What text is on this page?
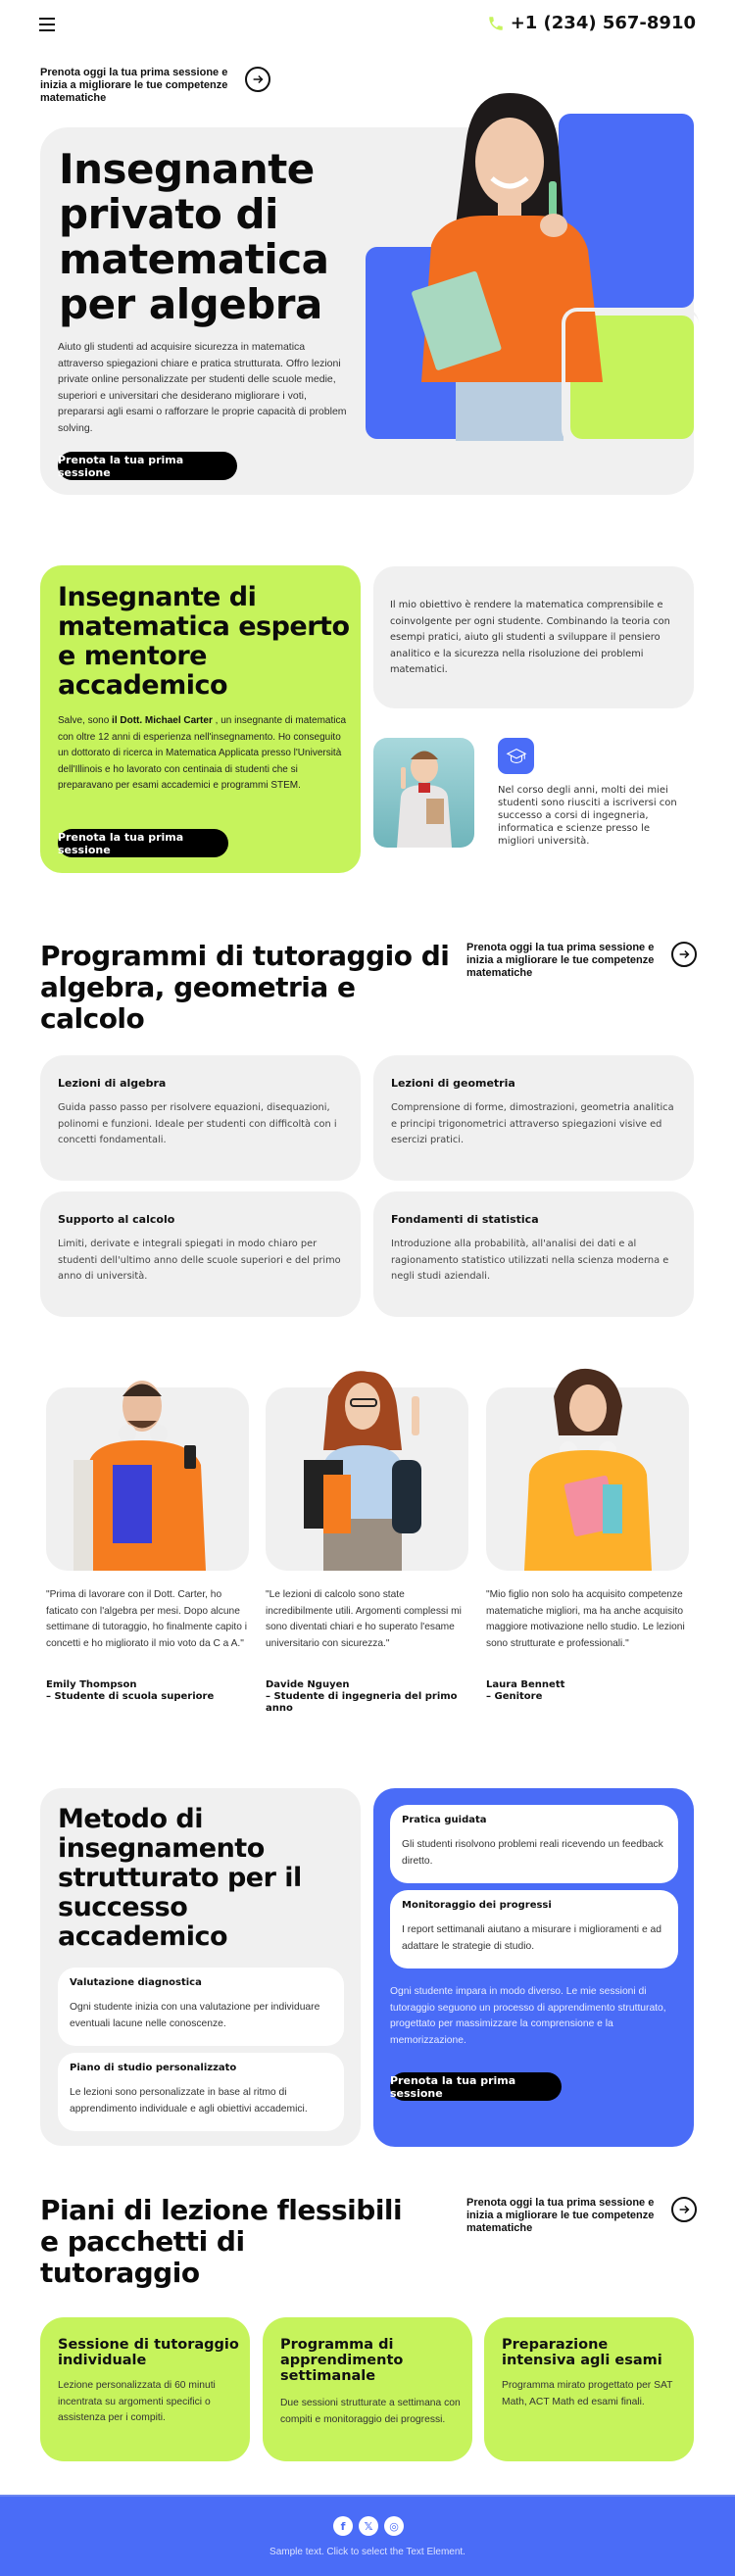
+1 (234) 567-8910
Prenota oggi la tua prima sessione e inizia a migliorare le tue competenze matematiche
Insegnante privato di matematica per algebra

Aiuto gli studenti ad acquisire sicurezza in matematica attraverso spiegazioni chiare e pratica strutturata. Offro lezioni private online personalizzate per studenti delle scuole medie, superiori e universitari che desiderano migliorare i voti, prepararsi agli esami o rafforzare le proprie capacità di problem solving.

Prenota la tua prima sessione
Insegnante di matematica esperto e mentore accademico

Salve, sono il Dott. Michael Carter , un insegnante di matematica con oltre 12 anni di esperienza nell'insegnamento. Ho conseguito un dottorato di ricerca in Matematica Applicata presso l'Università dell'Illinois e ho lavorato con centinaia di studenti che si preparavano per esami accademici e programmi STEM.

Prenota la tua prima sessione

Il mio obiettivo è rendere la matematica comprensibile e coinvolgente per ogni studente. Combinando la teoria con esempi pratici, aiuto gli studenti a sviluppare il pensiero analitico e la sicurezza nella risoluzione dei problemi matematici.

Nel corso degli anni, molti dei miei studenti sono riusciti a iscriversi con successo a corsi di ingegneria, informatica e scienze presso le migliori università.

Programmi di tutoraggio di algebra, geometria e calcolo
Prenota oggi la tua prima sessione e inizia a migliorare le tue competenze matematiche
Lezioni di algebra
Guida passo passo per risolvere equazioni, disequazioni, polinomi e funzioni. Ideale per studenti con difficoltà con i concetti fondamentali.
Lezioni di geometria
Comprensione di forme, dimostrazioni, geometria analitica e principi trigonometrici attraverso spiegazioni visive ed esercizi pratici.
Supporto al calcolo
Limiti, derivate e integrali spiegati in modo chiaro per studenti dell'ultimo anno delle scuole superiori e del primo anno di università.
Fondamenti di statistica
Introduzione alla probabilità, all'analisi dei dati e al ragionamento statistico utilizzati nella scienza moderna e negli studi aziendali.

"Prima di lavorare con il Dott. Carter, ho faticato con l'algebra per mesi. Dopo alcune settimane di tutoraggio, ho finalmente capito i concetti e ho migliorato il mio voto da C a A."

Emily Thompson
– Studente di scuola superiore

"Le lezioni di calcolo sono state incredibilmente utili. Argomenti complessi mi sono diventati chiari e ho superato l'esame universitario con sicurezza."

Davide Nguyen
– Studente di ingegneria del primo anno

"Mio figlio non solo ha acquisito competenze matematiche migliori, ma ha anche acquisito maggiore motivazione nello studio. Le lezioni sono strutturate e professionali."

Laura Bennett
– Genitore
Metodo di insegnamento strutturato per il successo accademico
Valutazione diagnostica
Ogni studente inizia con una valutazione per individuare eventuali lacune nelle conoscenze.
Piano di studio personalizzato
Le lezioni sono personalizzate in base al ritmo di apprendimento individuale e agli obiettivi accademici.
Pratica guidata
Gli studenti risolvono problemi reali ricevendo un feedback diretto.
Monitoraggio dei progressi
I report settimanali aiutano a misurare i miglioramenti e ad adattare le strategie di studio.

Ogni studente impara in modo diverso. Le mie sessioni di tutoraggio seguono un processo di apprendimento strutturato, progettato per massimizzare la comprensione e la memorizzazione.

Prenota la tua prima sessione
Piani di lezione flessibili e pacchetti di tutoraggio
Prenota oggi la tua prima sessione e inizia a migliorare le tue competenze matematiche
Sessione di tutoraggio individuale
Lezione personalizzata di 60 minuti incentrata su argomenti specifici o assistenza per i compiti.
Programma di apprendimento settimanale
Due sessioni strutturate a settimana con compiti e monitoraggio dei progressi.
Preparazione intensiva agli esami
Programma mirato progettato per SAT Math, ACT Math ed esami finali.
f	𝕏	◎
Sample text. Click to select the Text Element.
